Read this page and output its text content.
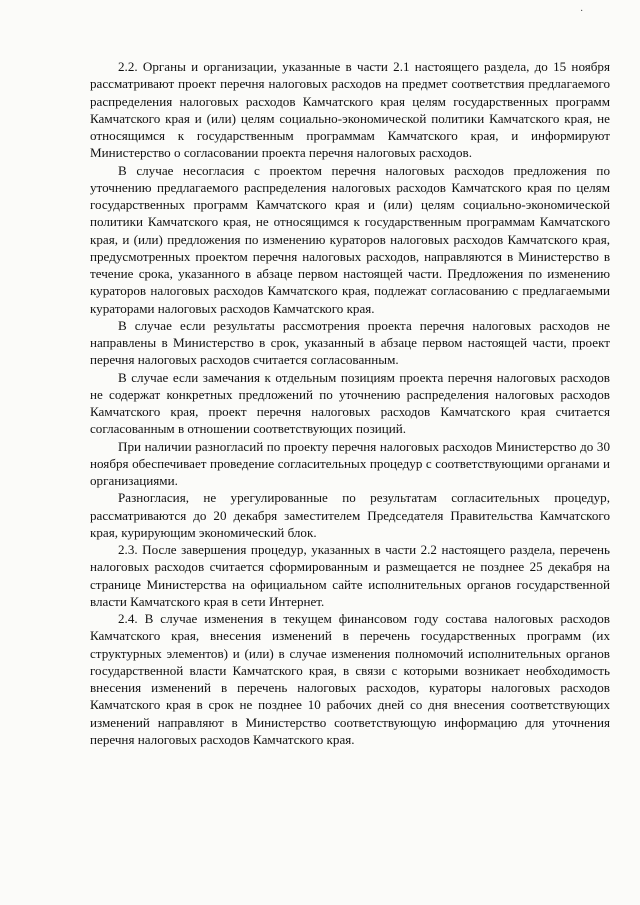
·

2.2. Органы и организации, указанные в части 2.1 настоящего раздела, до 15 ноября рассматривают проект перечня налоговых расходов на предмет соответствия предлагаемого распределения налоговых расходов Камчатского края целям государственных программ Камчатского края и (или) целям социально-экономической политики Камчатского края, не относящимся к государственным программам Камчатского края, и информируют Министерство о согласовании проекта перечня налоговых расходов.

В случае несогласия с проектом перечня налоговых расходов предложения по уточнению предлагаемого распределения налоговых расходов Камчатского края по целям государственных программ Камчатского края и (или) целям социально-экономической политики Камчатского края, не относящимся к государственным программам Камчатского края, и (или) предложения по изменению кураторов налоговых расходов Камчатского края, предусмотренных проектом перечня налоговых расходов, направляются в Министерство в течение срока, указанного в абзаце первом настоящей части. Предложения по изменению кураторов налоговых расходов Камчатского края, подлежат согласованию с предлагаемыми кураторами налоговых расходов Камчатского края.

В случае если результаты рассмотрения проекта перечня налоговых расходов не направлены в Министерство в срок, указанный в абзаце первом настоящей части, проект перечня налоговых расходов считается согласованным.

В случае если замечания к отдельным позициям проекта перечня налоговых расходов не содержат конкретных предложений по уточнению распределения налоговых расходов Камчатского края, проект перечня налоговых расходов Камчатского края считается согласованным в отношении соответствующих позиций.

При наличии разногласий по проекту перечня налоговых расходов Министерство до 30 ноября обеспечивает проведение согласительных процедур с соответствующими органами и организациями.

Разногласия, не урегулированные по результатам согласительных процедур, рассматриваются до 20 декабря заместителем Председателя Правительства Камчатского края, курирующим экономический блок.

2.3. После завершения процедур, указанных в части 2.2 настоящего раздела, перечень налоговых расходов считается сформированным и размещается не позднее 25 декабря на странице Министерства на официальном сайте исполнительных органов государственной власти Камчатского края в сети Интернет.

2.4. В случае изменения в текущем финансовом году состава налоговых расходов Камчатского края, внесения изменений в перечень государственных программ (их структурных элементов) и (или) в случае изменения полномочий исполнительных органов государственной власти Камчатского края, в связи с которыми возникает необходимость внесения изменений в перечень налоговых расходов, кураторы налоговых расходов Камчатского края в срок не позднее 10 рабочих дней со дня внесения соответствующих изменений направляют в Министерство соответствующую информацию для уточнения перечня налоговых расходов Камчатского края.
